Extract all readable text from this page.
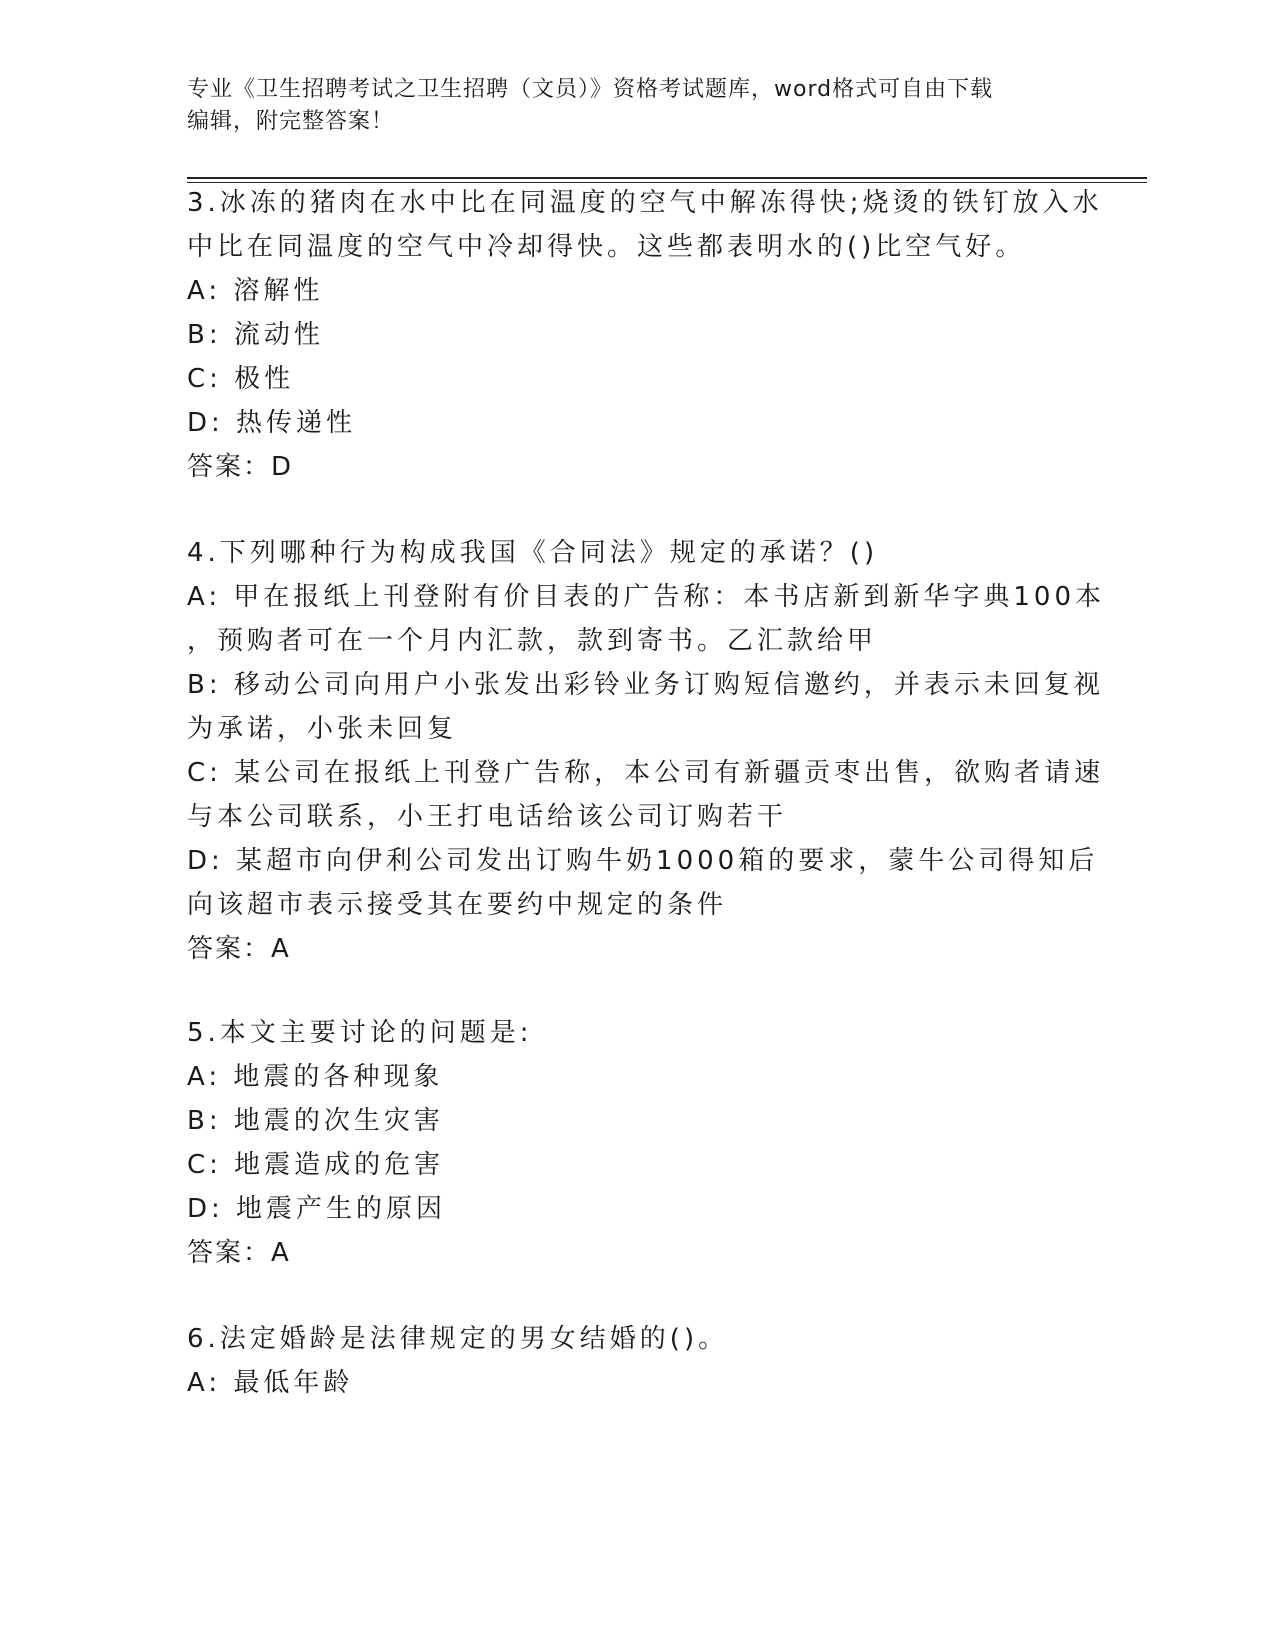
专业《卫生招聘考试之卫生招聘（文员）》资格考试题库，word格式可自由下载
编辑，附完整答案！
3.冰冻的猪肉在水中比在同温度的空气中解冻得快;烧烫的铁钉放入水
中比在同温度的空气中冷却得快。这些都表明水的()比空气好。
A: 溶解性
B: 流动性
C: 极性
D: 热传递性
答案：D
4.下列哪种行为构成我国《合同法》规定的承诺？()
A: 甲在报纸上刊登附有价目表的广告称：本书店新到新华字典100本
，预购者可在一个月内汇款，款到寄书。乙汇款给甲
B: 移动公司向用户小张发出彩铃业务订购短信邀约，并表示未回复视
为承诺，小张未回复
C: 某公司在报纸上刊登广告称，本公司有新疆贡枣出售，欲购者请速
与本公司联系，小王打电话给该公司订购若干
D: 某超市向伊利公司发出订购牛奶1000箱的要求，蒙牛公司得知后
向该超市表示接受其在要约中规定的条件
答案：A
5.本文主要讨论的问题是:
A: 地震的各种现象
B: 地震的次生灾害
C: 地震造成的危害
D: 地震产生的原因
答案：A
6.法定婚龄是法律规定的男女结婚的()。
A: 最低年龄
